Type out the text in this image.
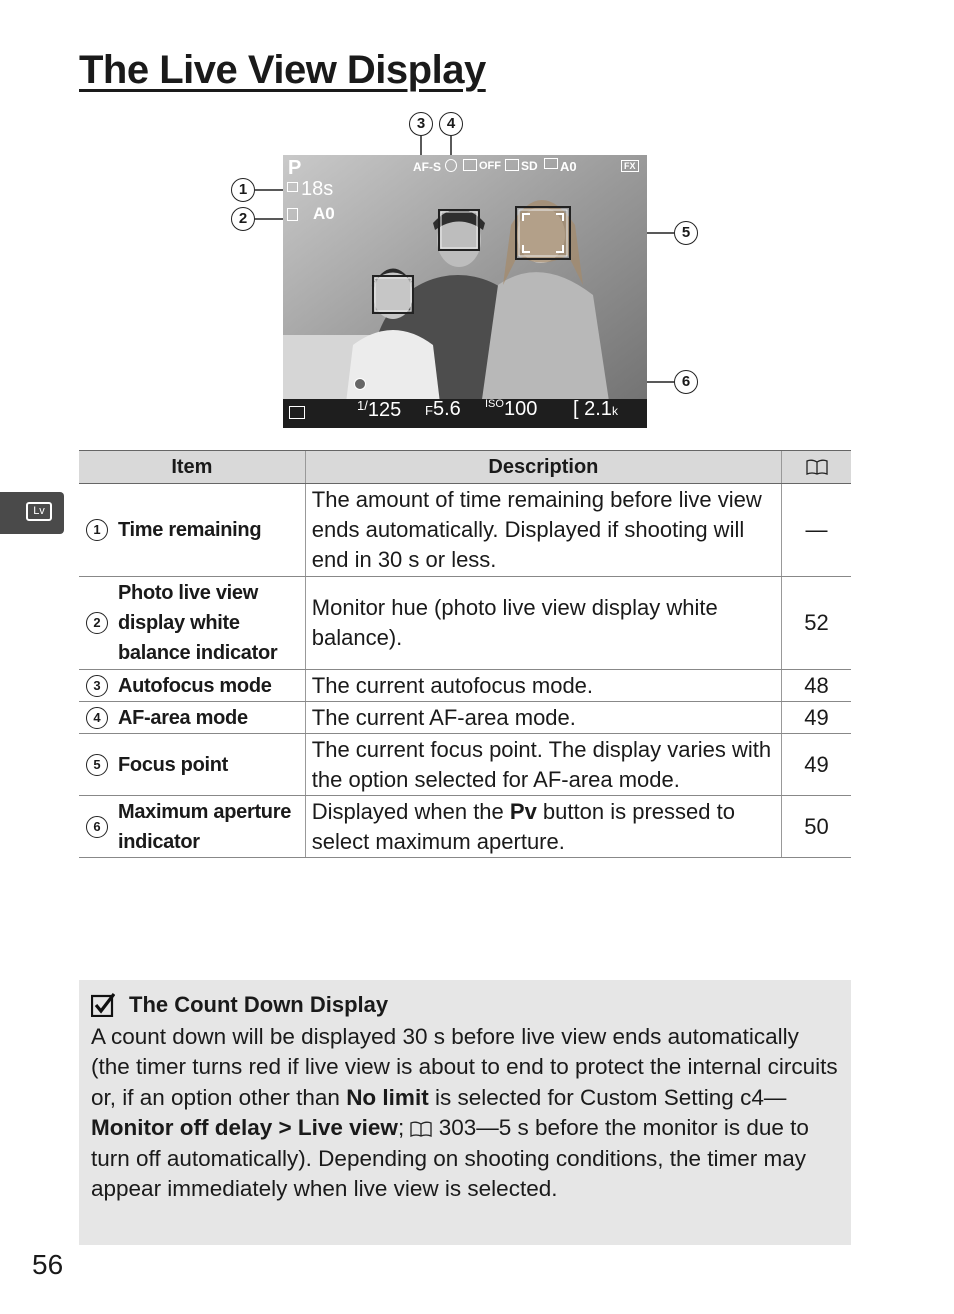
The Live View Display
3	4
1
2
5
6
P	AF-S	OFF SD A0	FX
18s
A0
$^{1/}$125 F5.6 $^{ISO}$100 [ 2.1k
Lv
Item	Description	

1 Time remaining	The amount of time remaining before live view ends automatically. Displayed if shooting will end in 30 s or less.	—

2
Photo live view display white balance indicator	Monitor hue (photo live view display white balance).	52

3 Autofocus mode	The current autofocus mode.	48

4 AF-area mode	The current AF-area mode.	49

5 Focus point	The current focus point. The display varies with the option selected for AF-area mode.	49

6
Maximum aperture indicator	Displayed when the Pv button is pressed to select maximum aperture.	50
The Count Down Display

A count down will be displayed 30 s before live view ends automatically (the timer turns red if live view is about to end to protect the internal circuits or, if an option other than No limit is selected for Custom Setting c4—Monitor off delay > Live view;  303—5 s before the monitor is due to turn off automatically). Depending on shooting conditions, the timer may appear immediately when live view is selected.

56
